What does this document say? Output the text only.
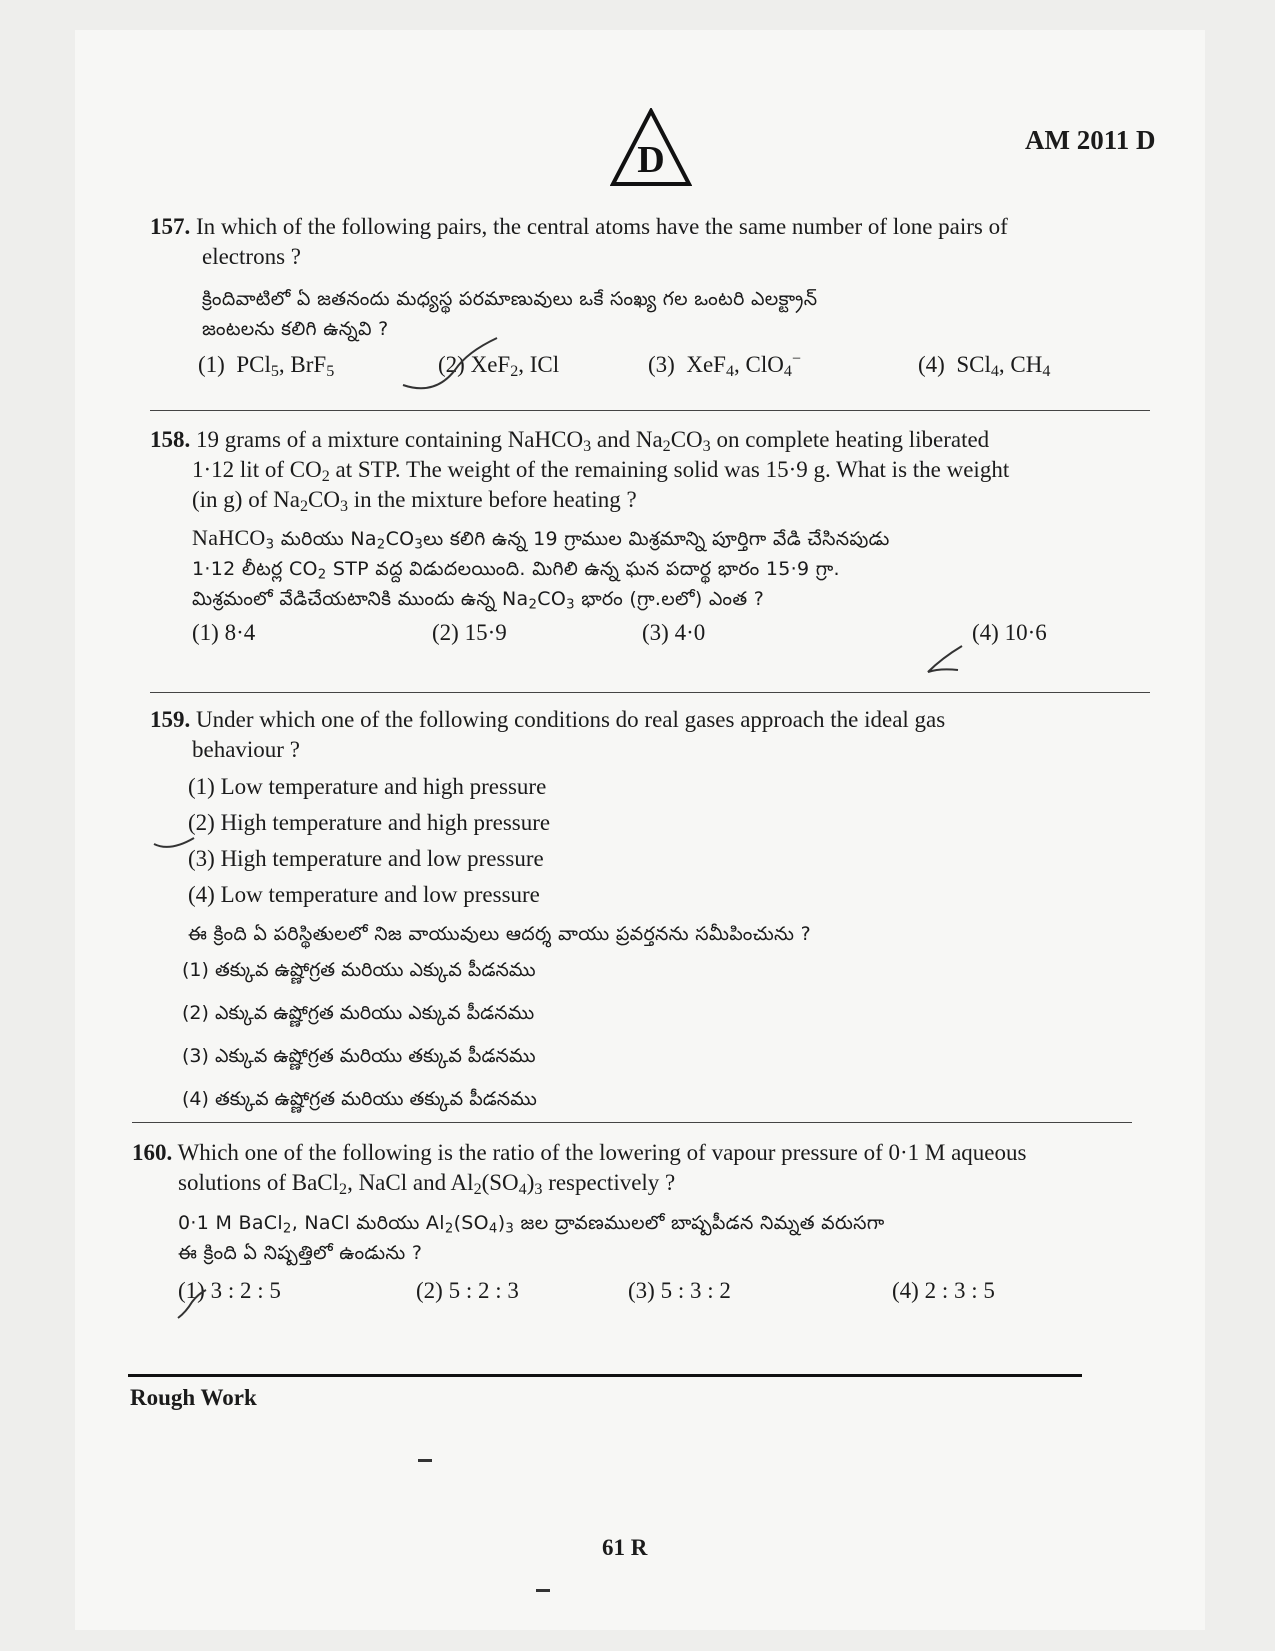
D	AM 2011 D
157. In which of the following pairs, the central atoms have the same number of lone pairs of
electrons ?
క్రిందివాటిలో ఏ జతనందు మధ్యస్థ పరమాణువులు ఒకే సంఖ్య గల ఒంటరి ఎలక్ట్రాన్
జంటలను కలిగి ఉన్నవి ?
(1) PCl$_5$, BrF$_5$	(2) XeF$_2$, ICl	(3) XeF$_4$, ClO$_4$−	(4) SCl$_4$, $CH_4$
158. 19 grams of a mixture containing NaHCO$_3$ and $Na_2CO_3$ on complete heating liberated
1·12 lit of $CO_2$ at STP. The weight of the remaining solid was 15·9 g. What is the weight
(in g) of $Na_2CO_3$ in the mixture before heating ?
NaHCO$_3$ మరియు $Na_2CO_3లు$ కలిగి ఉన్న 19 గ్రాముల మిశ్రమాన్ని పూర్తిగా వేడి చేసినపుడు
1·12 లీటర్ల $CO_2$ STP వద్ద విడుదలయింది. మిగిలి ఉన్న ఘన పదార్థ భారం 15·9 గ్రా.
మిశ్రమంలో వేడిచేయటానికి ముందు ఉన్న $Na_2CO_3$ భారం (గ్రా.లలో) ఎంత ?
(1) 8·4	(2) 15·9	(3) 4·0	(4) 10·6
159. Under which one of the following conditions do real gases approach the ideal gas
behaviour ?
(1) Low temperature and high pressure
(2) High temperature and high pressure
(3) High temperature and low pressure
(4) Low temperature and low pressure
ఈ క్రింది ఏ పరిస్థితులలో నిజ వాయువులు ఆదర్శ వాయు ప్రవర్తనను సమీపించును ?
(1) తక్కువ ఉష్ణోగ్రత మరియు ఎక్కువ పీడనము
(2) ఎక్కువ ఉష్ణోగ్రత మరియు ఎక్కువ పీడనము
(3) ఎక్కువ ఉష్ణోగ్రత మరియు తక్కువ పీడనము
(4) తక్కువ ఉష్ణోగ్రత మరియు తక్కువ పీడనము
160. Which one of the following is the ratio of the lowering of vapour pressure of 0·1 M aqueous
solutions of BaCl$_2$, NaCl and $Al_2(SO_4)_3$ respectively ?
0·1 M BaCl$_2$, NaCl మరియు $Al_2(SO_4)_3$ జల ద్రావణములలో బాష్పపీడన నిమ్నత వరుసగా
ఈ క్రింది ఏ నిష్పత్తిలో ఉండును ?
(1) 3 : 2 : 5	(2) 5 : 2 : 3	(3) 5 : 3 : 2	(4) 2 : 3 : 5
Rough Work
61 R
